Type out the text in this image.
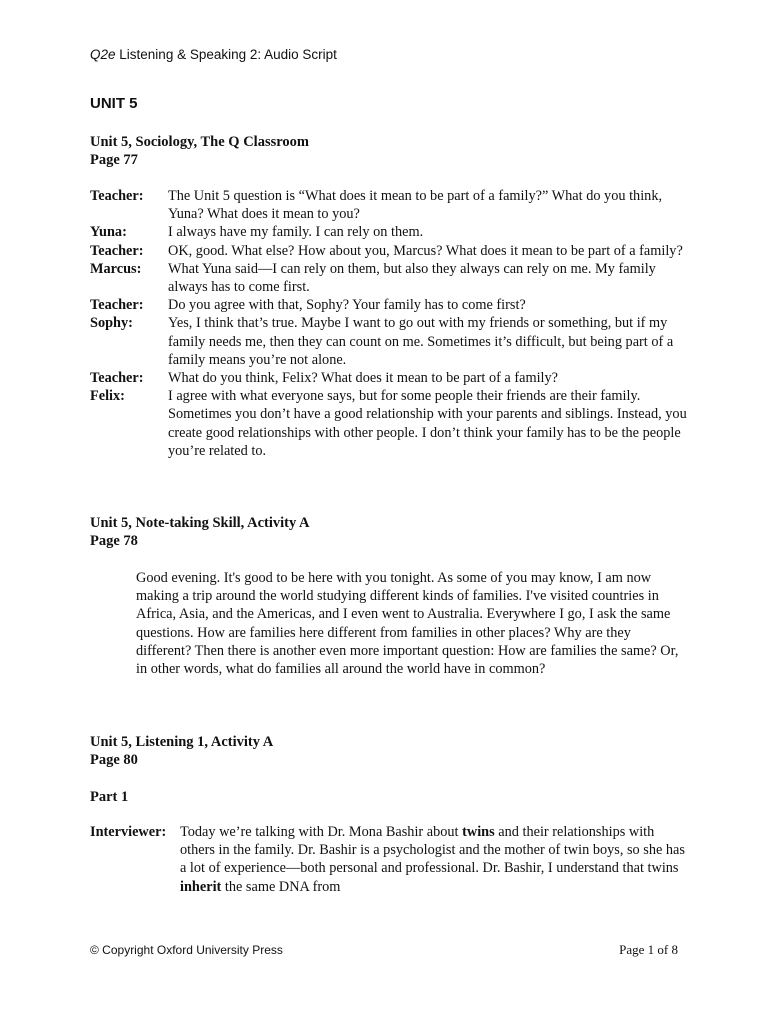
Q2e Listening & Speaking 2: Audio Script
UNIT 5
Unit 5, Sociology, The Q Classroom
Page 77
Teacher:	The Unit 5 question is “What does it mean to be part of a family?” What do you think, Yuna? What does it mean to you?
Yuna:	I always have my family. I can rely on them.
Teacher:	OK, good. What else? How about you, Marcus? What does it mean to be part of a family?
Marcus:	What Yuna said—I can rely on them, but also they always can rely on me. My family always has to come first.
Teacher:	Do you agree with that, Sophy? Your family has to come first?
Sophy:	Yes, I think that’s true. Maybe I want to go out with my friends or something, but if my family needs me, then they can count on me. Sometimes it’s difficult, but being part of a family means you’re not alone.
Teacher:	What do you think, Felix? What does it mean to be part of a family?
Felix:	I agree with what everyone says, but for some people their friends are their family. Sometimes you don’t have a good relationship with your parents and siblings. Instead, you create good relationships with other people. I don’t think your family has to be the people you’re related to.
Unit 5, Note-taking Skill, Activity A
Page 78
Good evening. It's good to be here with you tonight. As some of you may know, I am now making a trip around the world studying different kinds of families. I've visited countries in Africa, Asia, and the Americas, and I even went to Australia. Everywhere I go, I ask the same questions. How are families here different from families in other places? Why are they different? Then there is another even more important question: How are families the same? Or, in other words, what do families all around the world have in common?
Unit 5, Listening 1, Activity A
Page 80
Part 1
Interviewer: Today we’re talking with Dr. Mona Bashir about twins and their relationships with others in the family. Dr. Bashir is a psychologist and the mother of twin boys, so she has a lot of experience—both personal and professional. Dr. Bashir, I understand that twins inherit the same DNA from
© Copyright Oxford University Press	Page 1 of 8
